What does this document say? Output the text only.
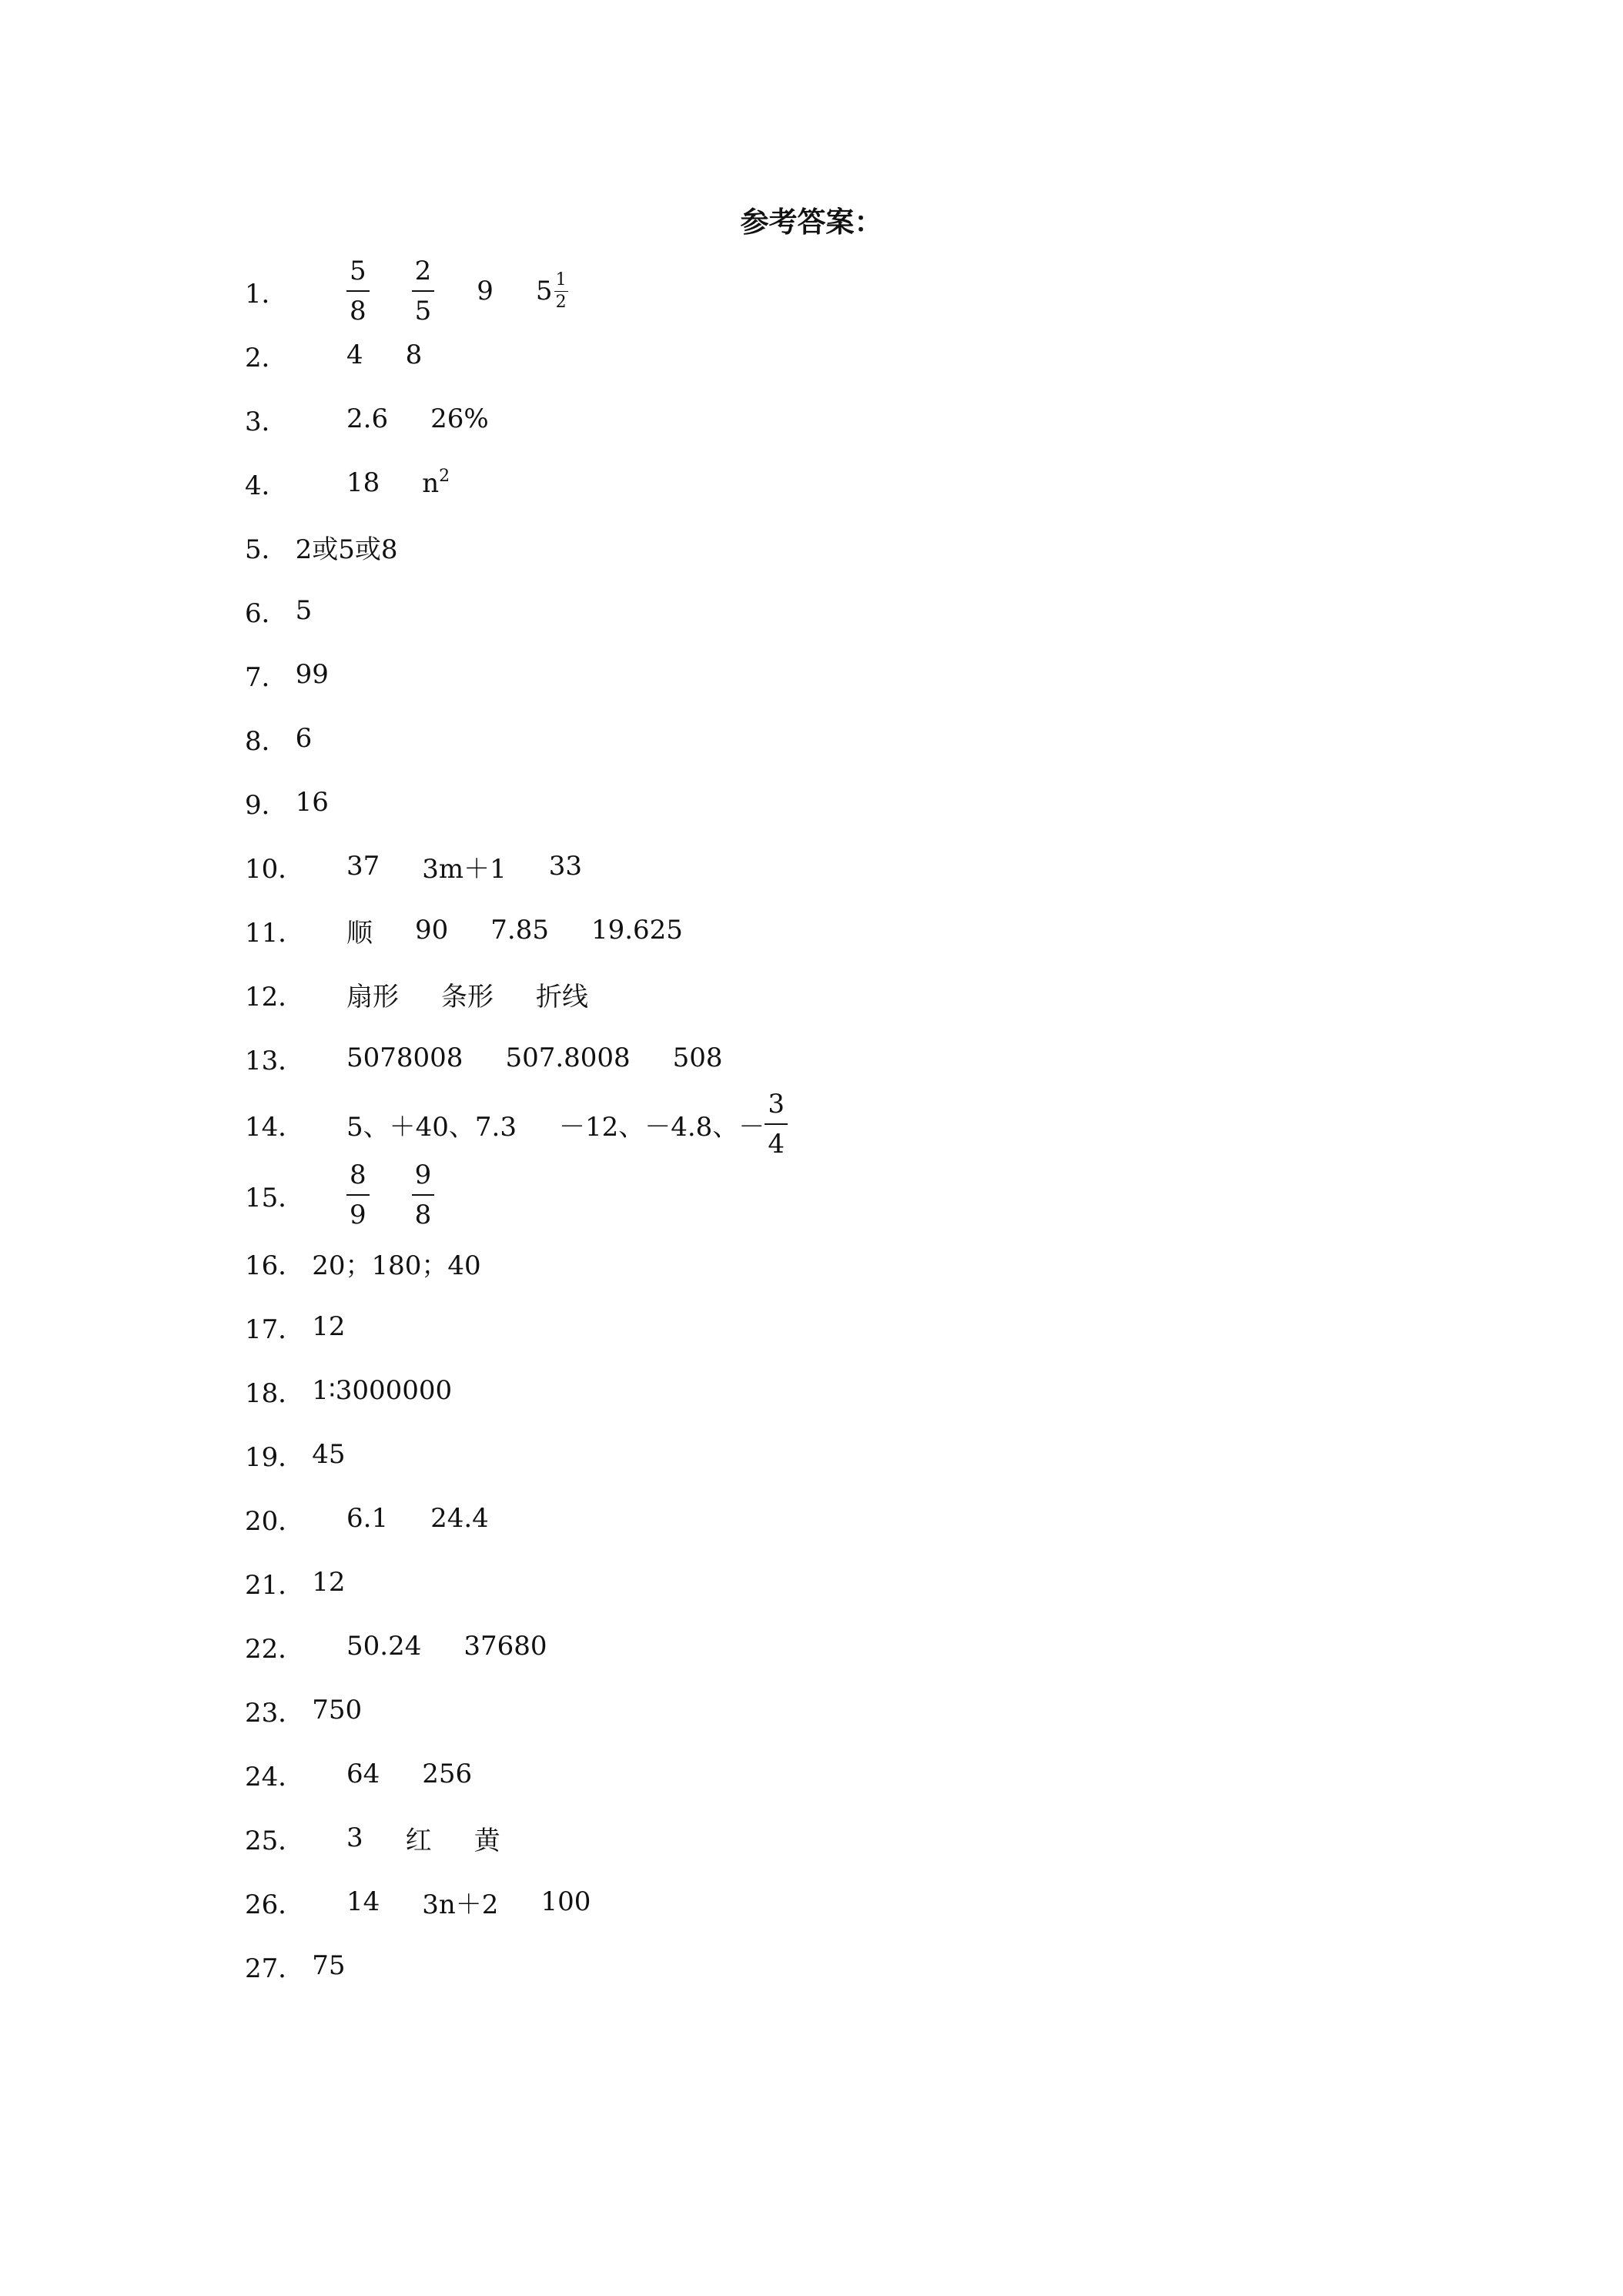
参考答案：
1．	$\frac{5}{8} \frac{2}{5} 9$ $5 \frac{1}{2}$
2．	4 8
3．	2.6 26%
4．	18 $n^2$
5． 2或5或8
6． 5
7． 99
8． 6
9． 16
10．	37 3m＋1 33
11．	顺 90 7.85 19.625
12．	扇形 条形 折线
13．	5078008 507.8008 508
14．	5、＋40、7.3 －12、－4.8、－ $\frac{3}{4}$
15．	$\frac{8}{9} \frac{9}{8}$
16． 20；180；40
17． 12
18． 1∶3000000
19． 45
20．	6.1 24.4
21． 12
22．	50.24 37680
23． 750
24．	64 256
25．	3 红 黄
26．	14 3n＋2 100
27． 75
